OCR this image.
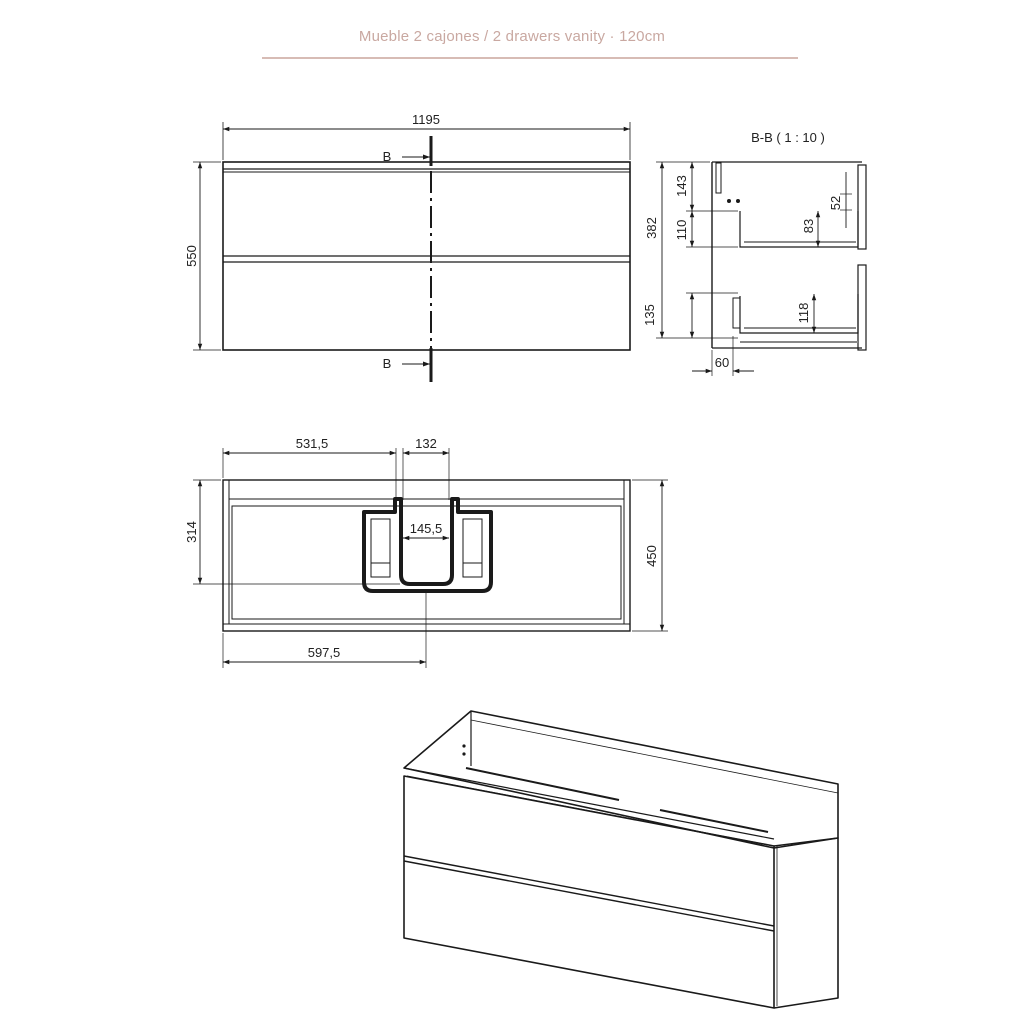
Mueble 2 cajones / 2 drawers vanity · 120cm
1195
550
B
B
B-B ( 1 : 10 )
382
143
110
135
83
52
118
60
531,5	132
145,5
314
450
597,5
